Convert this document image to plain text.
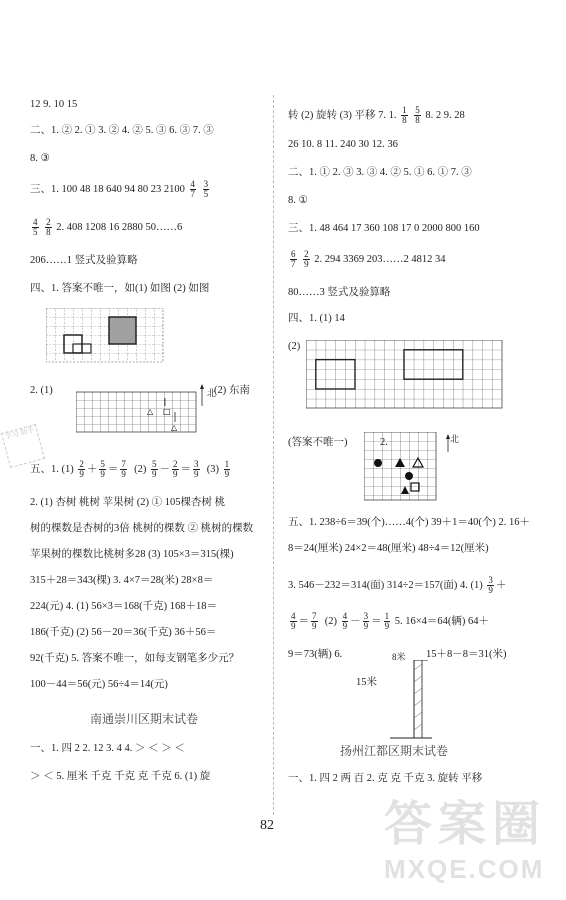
12 9. 10 15
二、1. ② 2. ① 3. ② 4. ② 5. ③ 6. ③ 7. ③
8. ③
三、1. 100 48 18 640 94 80 23 $2100 \frac{4}{7}$
$\frac{3}{5}$
$\frac{4}{5}$
$\frac{2}{8} 2$. 408 1208 16 2880 50……6
206……1 竖式及验算略
四、1. 答案不唯一，如(1) 如图 (2) 如图
2. (1)
△ □
△
北
(2) 东南
五、1. $(1) \frac{2}{9} + \frac{5}{9} = \frac{7}{9} (2) \frac{5}{9} - \frac{2}{9} = \frac{3}{9} (3) \frac{1}{9}$
2. (1) 杏树 桃树 苹果树 (2) ① 105棵杏树 桃
树的棵数是杏树的3倍 桃树的棵数 ② 桃树的棵数
苹果树的棵数比桃树多28 (3) 105×3＝315(棵)
315＋28＝343(棵) 3. 4×7＝28(米) 28×8＝
224(元) 4. (1) 56×3＝168(千克) 168＋18＝
186(千克) (2) 56－20＝36(千克) 36＋56＝
92(千克) 5. 答案不唯一，如每支钢笔多少元？
100－44＝56(元) 56÷4＝14(元)
南通崇川区期末试卷
一、1. 四 2 2. 12 3. 4 4. ＞ ＜ ＞ ＜
＞ ＜ 5. 厘米 千克 千克 克 千克 6. (1) 旋
转 (2) 旋转 (3) 平移 7. 1. $\frac{1}{8}$
$\frac{5}{8} 8$. 2 9. 28
26 10. 8 11. 240 30 12. 36
二、1. ① 2. ③ 3. ③ 4. ② 5. ① 6. ① 7. ③
8. ①
三、1. 48 464 17 360 108 17 0 2000 800 160
$\frac{6}{7}$
$\frac{2}{9} 2$. 294 3369 203……2 4812 34
80……3 竖式及验算略
四、1. (1) 14
(2)
(答案不唯一)	北
五、1. 238÷6＝39(个)……4(个) 39＋1＝40(个) 2. 16＋
8＝24(厘米) 24×2＝48(厘米) 48÷4＝12(厘米)
3. 546－232＝314(面) 314÷2＝157(面) 4. $(1) \frac{3}{9}$ ＋
$\frac{4}{9} = \frac{7}{9} (2) \frac{4}{9} - \frac{3}{9} = \frac{1}{9} 5$. 16×4＝64(辆) 64＋
9＝73(辆) 6.	8米 15＋8－8＝31(米)
15米
扬州江都区期末试卷
一、1. 四 2 两 百 2. 克 克 千克 3. 旋转 平移
82
学习 助手
答案圈
MXQE.COM
